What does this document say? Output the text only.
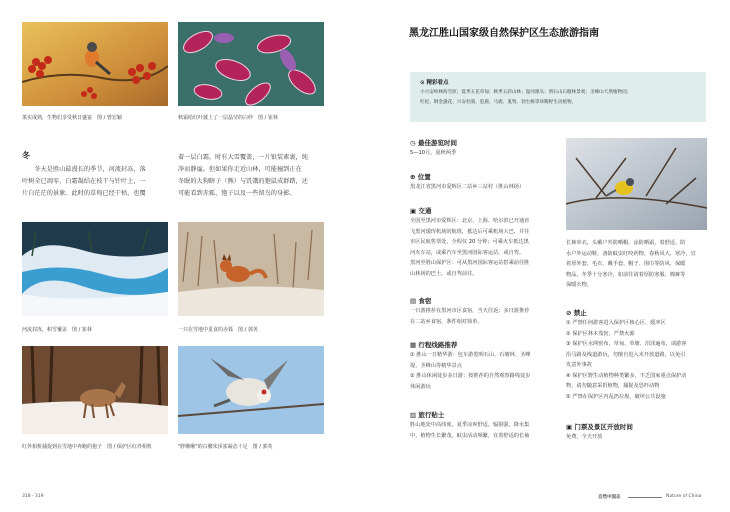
果实成熟，生物们享受秋日盛宴　图 / 曾宏颖	秋霜给红叶披上了一层晶莹的白纱　图 / 崔林
冬
　　冬天是胜山最漫长的季节，河流封冻，落
叶树全已凋零，白霜凝结在枝干与针叶上，一
片白茫茫的景象。此时的草甸已经干枯，也覆
着一层白霜。时有大雪覆盖，一片银装素裹，纯
净而静谧。但如果你走近山林，可能撞到正在
冬眠的大狗瞎子（熊）与饥饿的狍鼠成群踏，还
可能看到赤狐、狍子以及一些留鸟的身影。
河流封冻，积雪覆盖　图 / 崔林	一只在雪地中觅食的赤狐　图 / 郭英
红外相机捕捉到在雪地中奔跑的狍子　图 / 保护区红外相机	"胖啾啾"的白腰朱顶雀凝态十足　图 / 郭英
黑龙江胜山国家级自然保护区生态旅游指南
⊙ 精彩看点
小兴安岭林海雪原；夏季五花草甸；秋季五彩山林；湿河源头；明石山石塘林景观；圣峰山天然植物园；
红松、钢金盏花、兴安杜鹃、犯鹿、马鹿、鬼鸮、勃生畅等珍稀野生动植物。
◷ 最佳游览时间
5—10月，夏秋两季
⊕ 位置
黑龙江省黑河市爱辉区二站乡三站村（胜山林场）
▣ 交通
全国至黑河市爱辉区：北京、上海、哈尔滨已开通直
飞黑河瑷珲机场的航班，抵达后可乘机场大巴，并往
市区民航售票处，全程仅 20 分钟；可乘火车抵达黑
河火车站，或乘汽车至黑河国际客运站，或自驾。
黑河至胜山保护区：可从黑河国际客运站搭乘前往胜
山林场的巴士，或自驾前往。
▤ 食宿
一日游推荐在黑河市区食宿，当天往返；多日游推荐
在二站乡食宿，条件相对简单。
▦ 行程线路推荐
① 胜山一日精华游：包车游览明石山、石塘林、圣峰
堤、圣峰山等精华景点
② 胜山休闲徒步多日游：按推荐的自然观察路线徒步
休闲游玩
▥ 旅行贴士
胜山地处中高纬度，夏季凉爽舒适，辐射强，降水集
中，植物生长繁茂，蚊虫活动频繁，宜着舒适的长袖
长裤单衣，头戴户外防晒帽，涂防晒霜，着舒适、防
水户外运动鞋，备防蚊虫叮咬药物。春秋风大、寒冷，宜
着厚外套，毛衣，戴手套、帽子、围巾等防风、保暖
物品。冬季十分寒冷，如前往请着厚防寒服、棉裤等
保暖衣物。
⊘ 禁止
① 严禁任何游客进入保护区核心区、缓冲区
② 保护区林木茂密，严禁火源
③ 保护区水网密布，草甸、草塘、沼泽遍布，请游客
沿马路及栈道游玩，勿擅自进入未开放道路，以免引
发意外事故
④ 保护区野生动植物种类繁多，不乏国家重点保护动
物，请勿随意采折植物，捕捉及恐吓动物
⑤ 严禁在保护区内乱扔垃圾，破坏公共设施
▣ 门票及景区开放时间
免费，全天开放
318 · 319	自然中国志	Nature of China
